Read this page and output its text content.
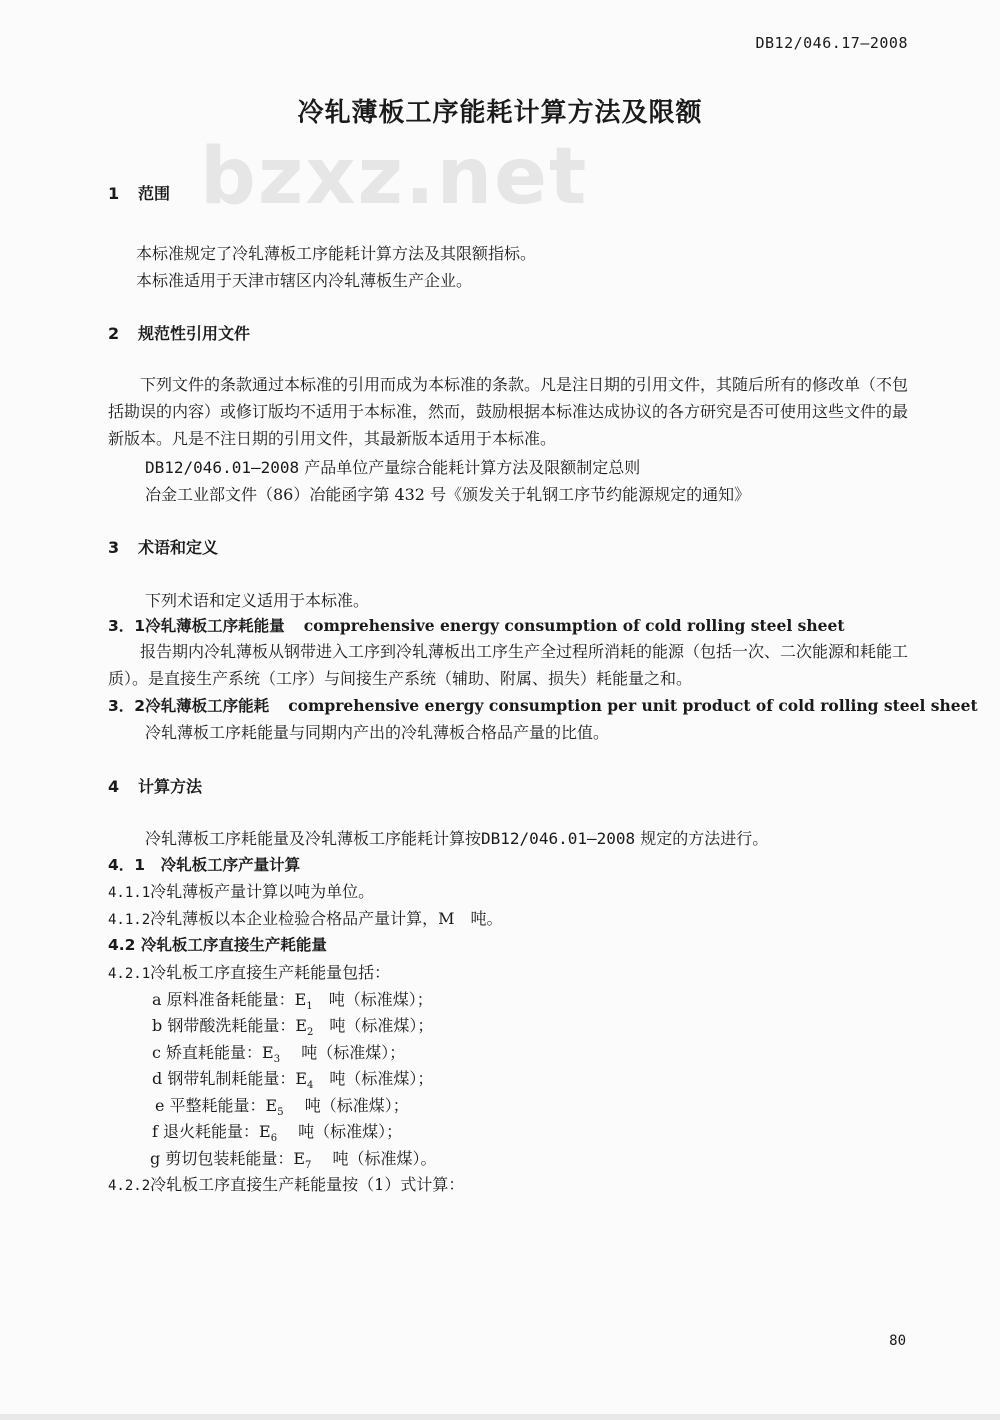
DB12/046.17—2008
冷轧薄板工序能耗计算方法及限额
bzxz.net
1 范围
本标准规定了冷轧薄板工序能耗计算方法及其限额指标。
本标准适用于天津市辖区内冷轧薄板生产企业。
2 规范性引用文件
下列文件的条款通过本标准的引用而成为本标准的条款。凡是注日期的引用文件，其随后所有的修改单（不包括勘误的内容）或修订版均不适用于本标准，然而，鼓励根据本标准达成协议的各方研究是否可使用这些文件的最新版本。凡是不注日期的引用文件，其最新版本适用于本标准。
DB12/046.01—2008 产品单位产量综合能耗计算方法及限额制定总则
冶金工业部文件（86）冶能函字第 432 号《颁发关于轧钢工序节约能源规定的通知》
3 术语和定义
下列术语和定义适用于本标准。
3．1冷轧薄板工序耗能量 comprehensive energy consumption of cold rolling steel sheet
报告期内冷轧薄板从钢带进入工序到冷轧薄板出工序生产全过程所消耗的能源（包括一次、二次能源和耗能工质）。是直接生产系统（工序）与间接生产系统（辅助、附属、损失）耗能量之和。
3．2冷轧薄板工序能耗 comprehensive energy consumption per unit product of cold rolling steel sheet
冷轧薄板工序耗能量与同期内产出的冷轧薄板合格品产量的比值。
4 计算方法
冷轧薄板工序耗能量及冷轧薄板工序能耗计算按DB12/046.01—2008 规定的方法进行。
4．1　冷轧板工序产量计算
4.1.1冷轧薄板产量计算以吨为单位。
4.1.2冷轧薄板以本企业检验合格品产量计算，M　吨。
4.2 冷轧板工序直接生产耗能量
4.2.1冷轧板工序直接生产耗能量包括：
a 原料准备耗能量：$E_1$　吨（标准煤）；
b 钢带酸洗耗能量：$E_2$　吨（标准煤）；
c 矫直耗能量：$E_3$　 吨（标准煤）；
d 钢带轧制耗能量：$E_4$　吨（标准煤）；
e 平整耗能量：$E_5$　 吨（标准煤）；
f 退火耗能量：$E_6$　 吨（标准煤）；
g 剪切包装耗能量：$E_7$　 吨（标准煤）。
4.2.2冷轧板工序直接生产耗能量按（1）式计算：
80
